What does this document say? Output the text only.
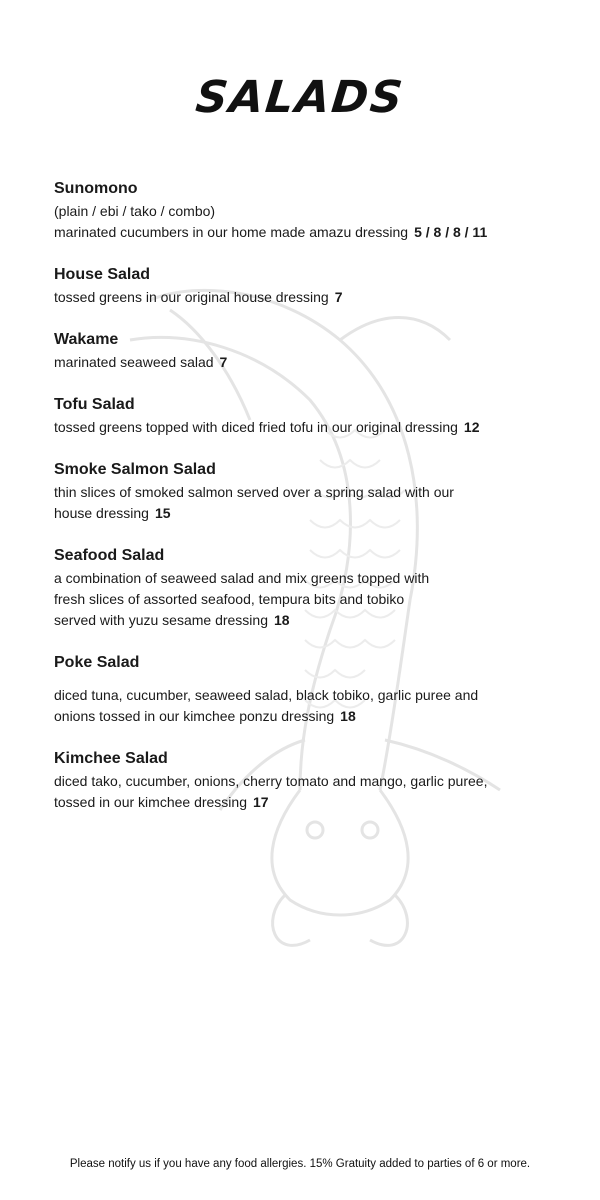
SALADS
Sunomono
(plain / ebi / tako / combo)
marinated cucumbers in our home made amazu dressing 5 / 8 / 8 / 11
House Salad
tossed greens in our original house dressing 7
Wakame
marinated seaweed salad 7
Tofu Salad
tossed greens topped with diced fried tofu in our original dressing 12
Smoke Salmon Salad
thin slices of smoked salmon served over a spring salad with our
house dressing 15
Seafood Salad
a combination of seaweed salad and mix greens topped with
fresh slices of assorted seafood, tempura bits and tobiko
served with yuzu sesame dressing 18
Poke Salad
diced tuna, cucumber, seaweed salad, black tobiko, garlic puree and
onions tossed in our kimchee ponzu dressing 18
Kimchee Salad
diced tako, cucumber, onions, cherry tomato and mango, garlic puree,
tossed in our kimchee dressing 17
Please notify us if you have any food allergies. 15% Gratuity added to parties of 6 or more.
